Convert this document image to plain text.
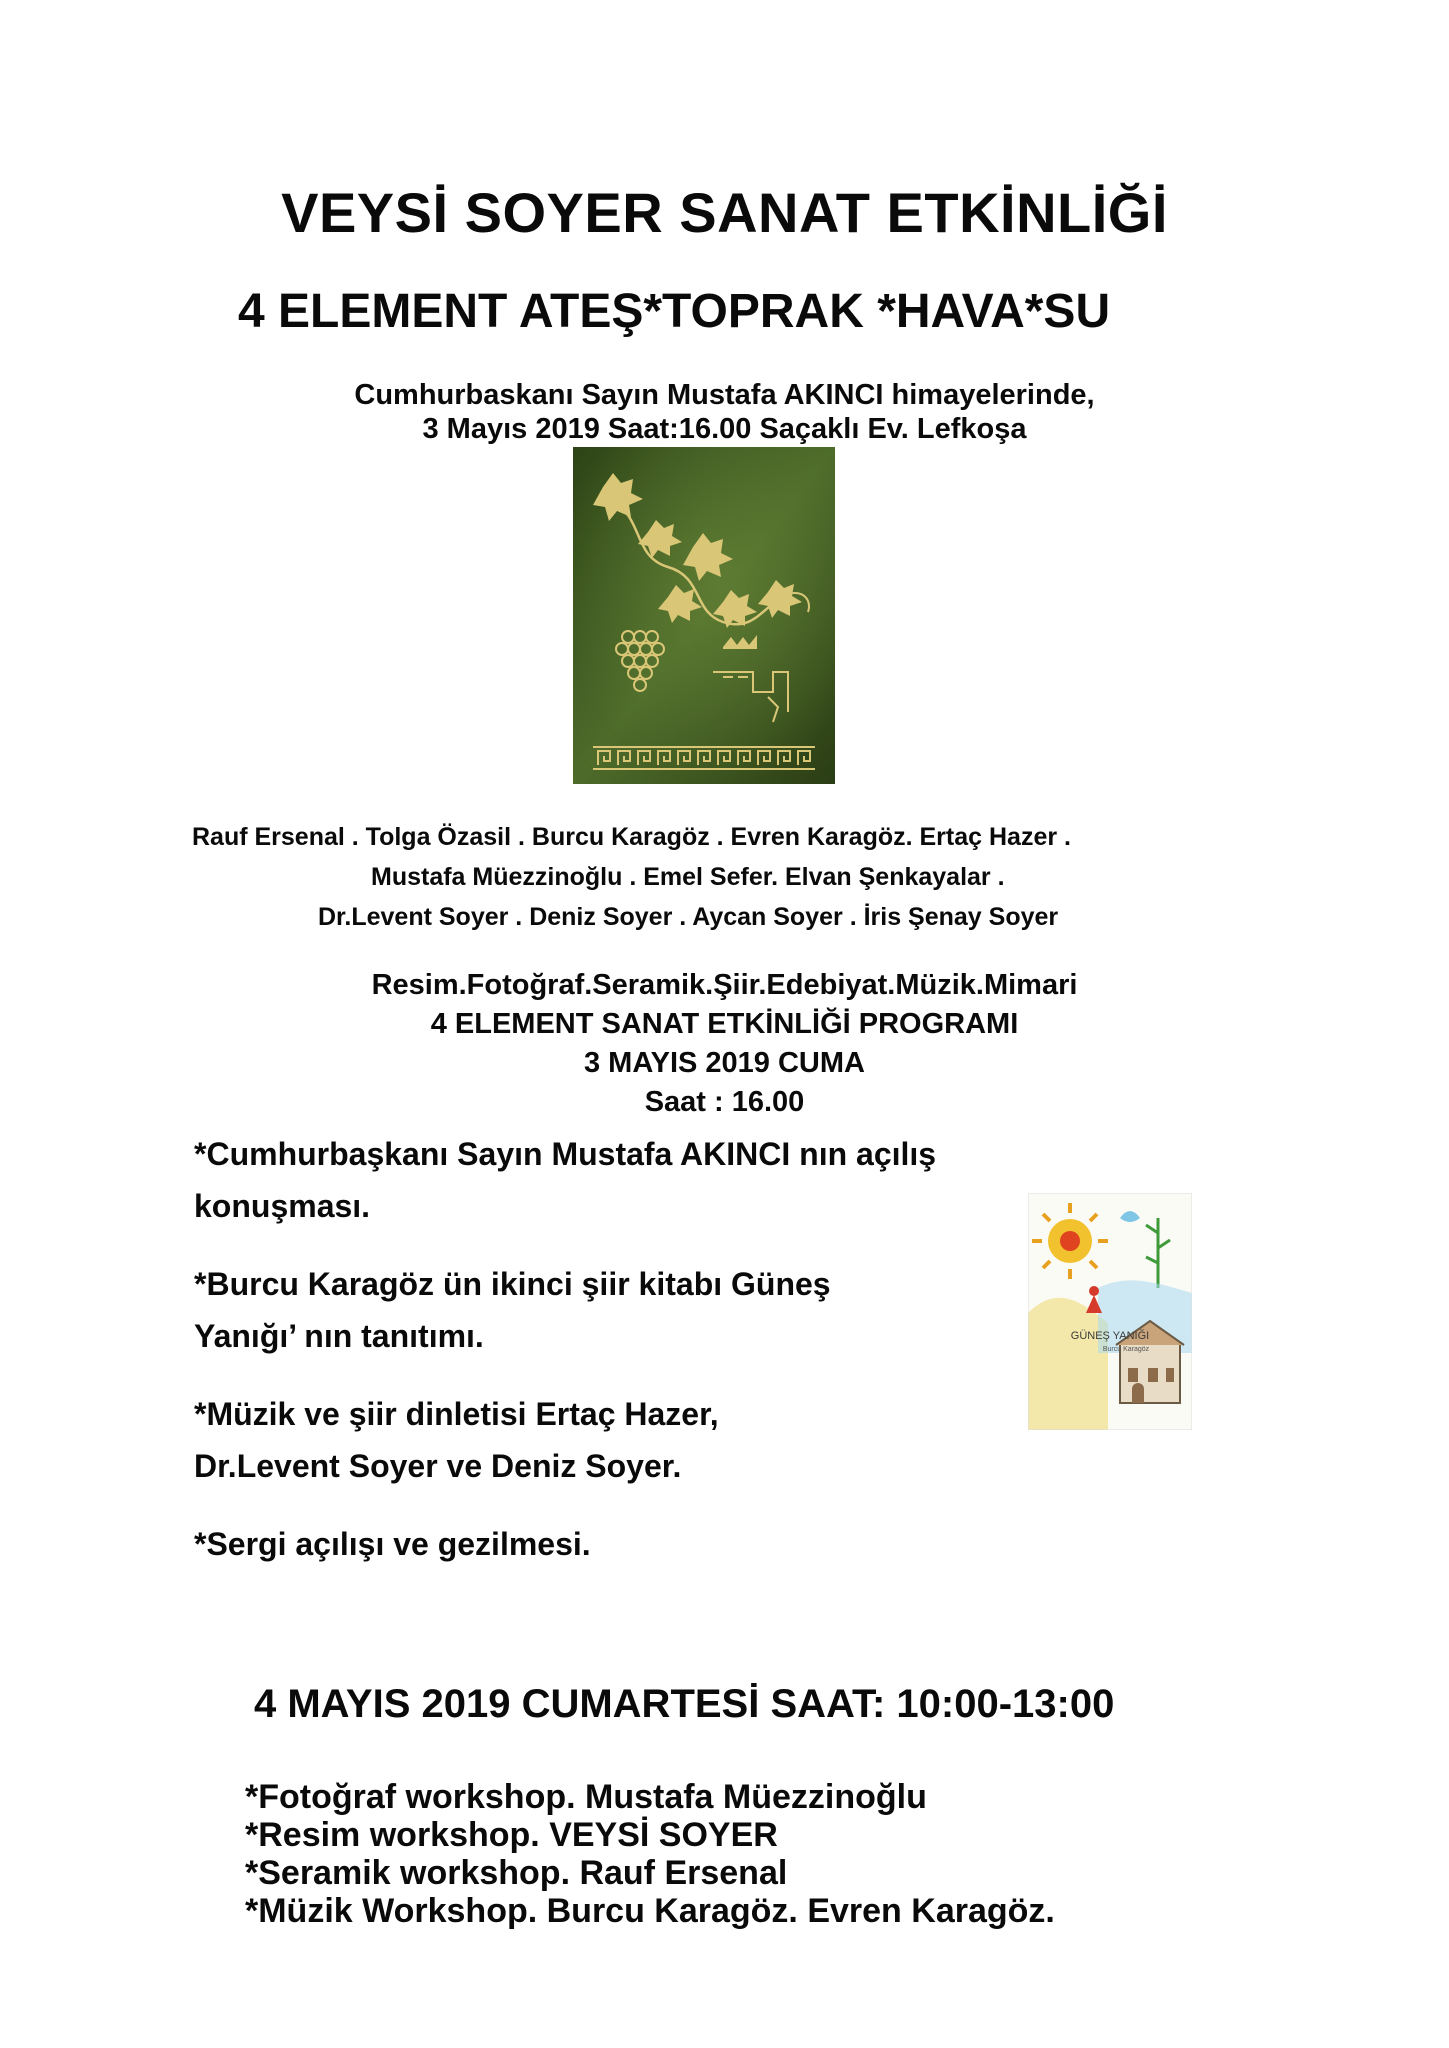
VEYSİ SOYER SANAT ETKİNLİĞİ
4 ELEMENT ATEŞ*TOPRAK *HAVA*SU
Cumhurbaskanı Sayın Mustafa AKINCI himayelerinde,
3 Mayıs 2019 Saat:16.00 Saçaklı Ev. Lefkoşa
Rauf Ersenal . Tolga Özasil . Burcu Karagöz . Evren Karagöz. Ertaç Hazer .
Mustafa Müezzinoğlu . Emel Sefer. Elvan Şenkayalar .
Dr.Levent Soyer . Deniz Soyer . Aycan Soyer . İris Şenay Soyer
Resim.Fotoğraf.Seramik.Şiir.Edebiyat.Müzik.Mimari
4 ELEMENT SANAT ETKİNLİĞİ PROGRAMI
3 MAYIS 2019 CUMA
Saat : 16.00
*Cumhurbaşkanı Sayın Mustafa AKINCI nın açılış
konuşması.
*Burcu Karagöz ün ikinci şiir kitabı Güneş
Yanığı’ nın tanıtımı.
*Müzik ve şiir dinletisi Ertaç Hazer,
Dr.Levent Soyer ve Deniz Soyer.
*Sergi açılışı ve gezilmesi.
GÜNEŞ YANIĞI
Burcu Karagöz
4 MAYIS 2019 CUMARTESİ SAAT: 10:00-13:00
*Fotoğraf workshop. Mustafa Müezzinoğlu
*Resim workshop. VEYSİ SOYER
*Seramik workshop. Rauf Ersenal
*Müzik Workshop. Burcu Karagöz. Evren Karagöz.
